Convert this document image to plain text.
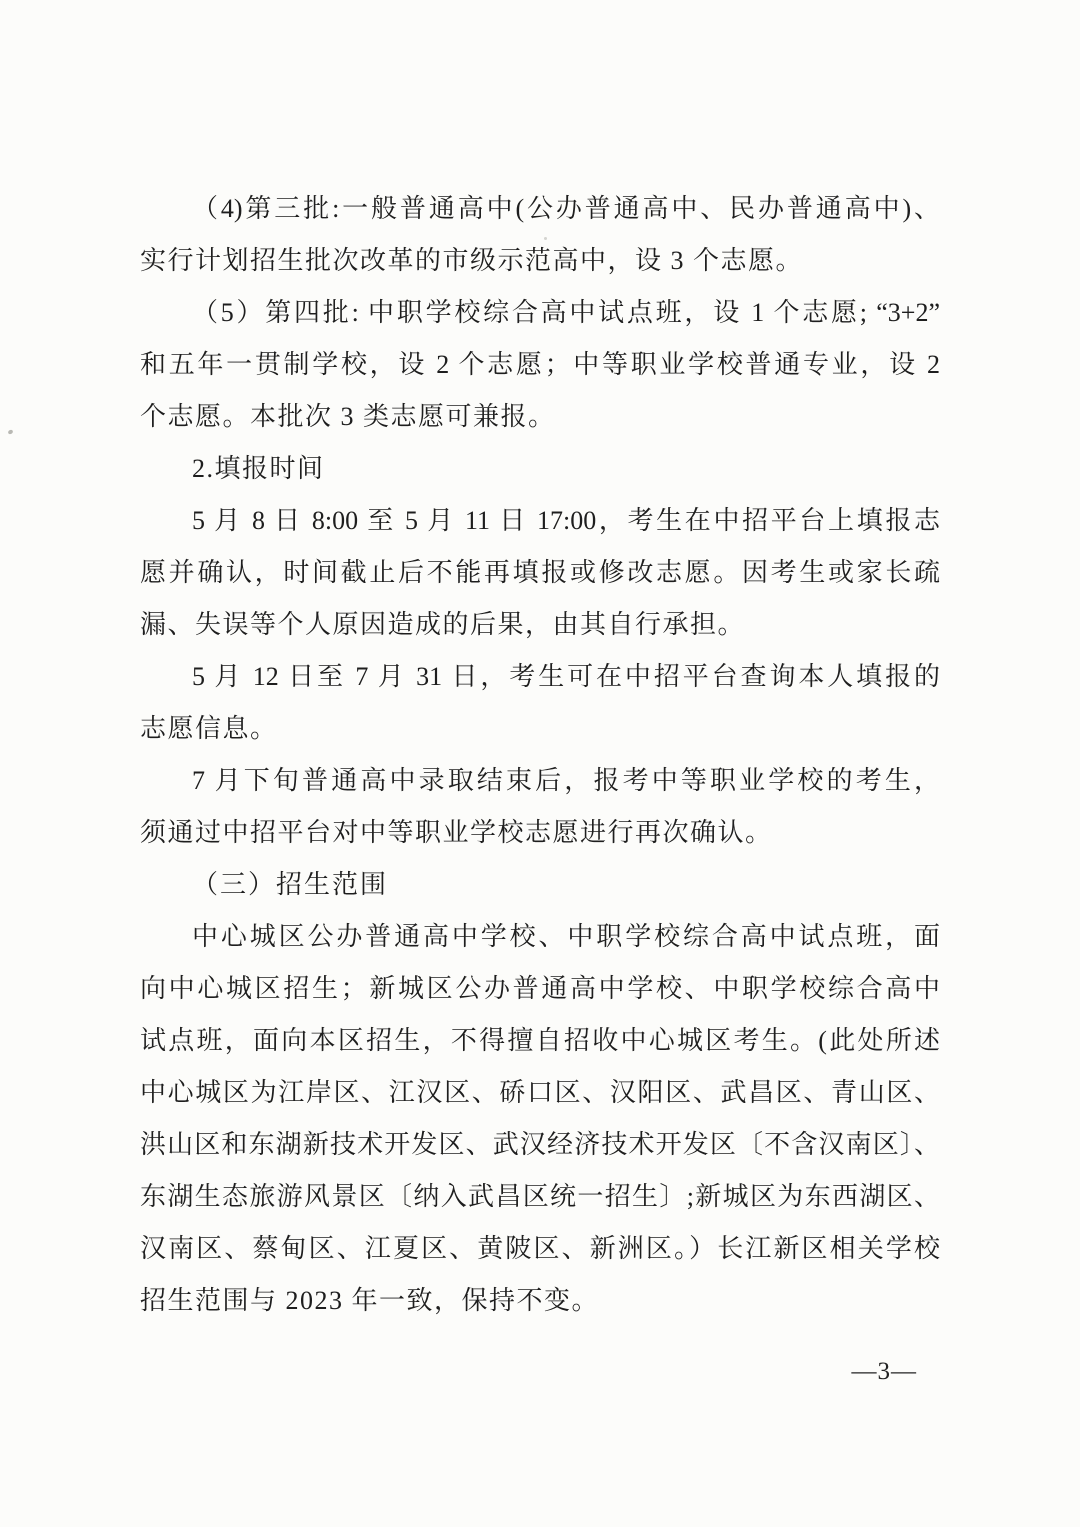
（4)第三批:一般普通高中(公办普通高中、民办普通高中)、
实行计划招生批次改革的市级示范高中，设 3 个志愿。
（5）第四批: 中职学校综合高中试点班，设 1 个志愿; “3+2”
和五年一贯制学校，设 2 个志愿；中等职业学校普通专业，设 2
个志愿。本批次 3 类志愿可兼报。
2.填报时间
5 月 8 日 8:00 至 5 月 11 日 17:00，考生在中招平台上填报志
愿并确认，时间截止后不能再填报或修改志愿。因考生或家长疏
漏、失误等个人原因造成的后果，由其自行承担。
5 月 12 日至 7 月 31 日，考生可在中招平台查询本人填报的
志愿信息。
7 月下旬普通高中录取结束后，报考中等职业学校的考生，
须通过中招平台对中等职业学校志愿进行再次确认。
（三）招生范围
中心城区公办普通高中学校、中职学校综合高中试点班，面
向中心城区招生；新城区公办普通高中学校、中职学校综合高中
试点班，面向本区招生，不得擅自招收中心城区考生。(此处所述
中心城区为江岸区、江汉区、硚口区、汉阳区、武昌区、青山区、
洪山区和东湖新技术开发区、武汉经济技术开发区〔不含汉南区〕、
东湖生态旅游风景区〔纳入武昌区统一招生〕;新城区为东西湖区、
汉南区、蔡甸区、江夏区、黄陂区、新洲区。）长江新区相关学校
招生范围与 2023 年一致，保持不变。
—3—
